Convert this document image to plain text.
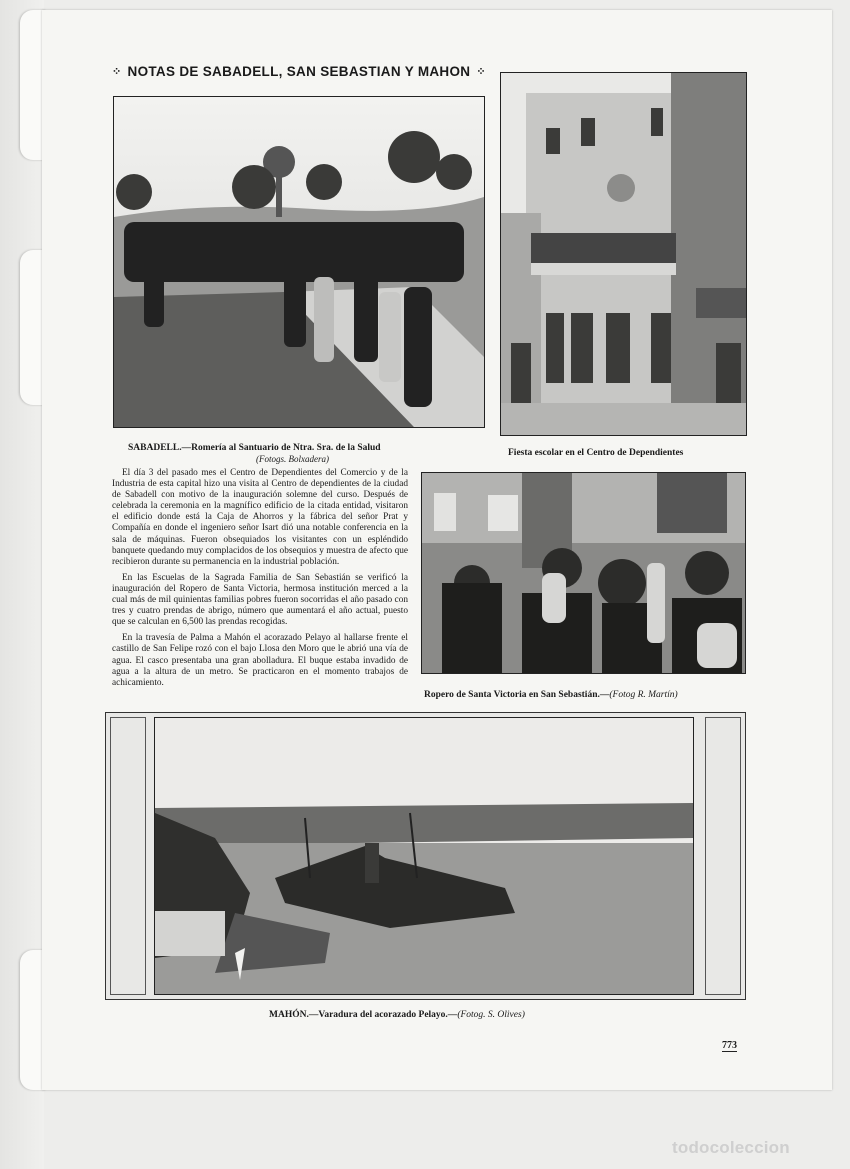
⁘ NOTAS DE SABADELL, SAN SEBASTIAN Y MAHON ⁘
SABADELL.—Romería al Santuario de Ntra. Sra. de la Salud
(Fotogs. Bolxadera)
Fiesta escolar en el Centro de Dependientes

El día 3 del pasado mes el Centro de Dependientes del Comercio y de la Industria de esta capital hizo una visita al Centro de dependientes de la ciudad de Sabadell con motivo de la inauguración solemne del curso. Después de celebrada la ceremonia en la magnífico edificio de la citada entidad, visitaron el edificio donde está la Caja de Ahorros y la fábrica del señor Prat y Compañía en donde el ingeniero señor Isart dió una notable conferencia en la sala de máquinas. Fueron obsequiados los visitantes con un espléndido banquete quedando muy complacidos de los obsequios y muestra de afecto que recibieron durante su permanencia en la industrial población.

En las Escuelas de la Sagrada Familia de San Sebastián se verificó la inauguración del Ropero de Santa Victoria, hermosa institución merced a la cual más de mil quinientas familias pobres fueron socorridas el año pasado con tres y cuatro prendas de abrigo, número que aumentará el año actual, puesto que se calculan en 6,500 las prendas recogidas.

En la travesía de Palma a Mahón el acorazado Pelayo al hallarse frente el castillo de San Felipe rozó con el bajo Llosa den Moro que le abrió una vía de agua. El casco presentaba una gran abolladura. El buque estaba invadido de agua a la altura de un metro. Se practicaron en el momento trabajos de achicamiento.

Ropero de Santa Victoria en San Sebastián.—(Fotog R. Martín)
MAHÓN.—Varadura del acorazado Pelayo.—(Fotog. S. Olives)
773
todocoleccion
